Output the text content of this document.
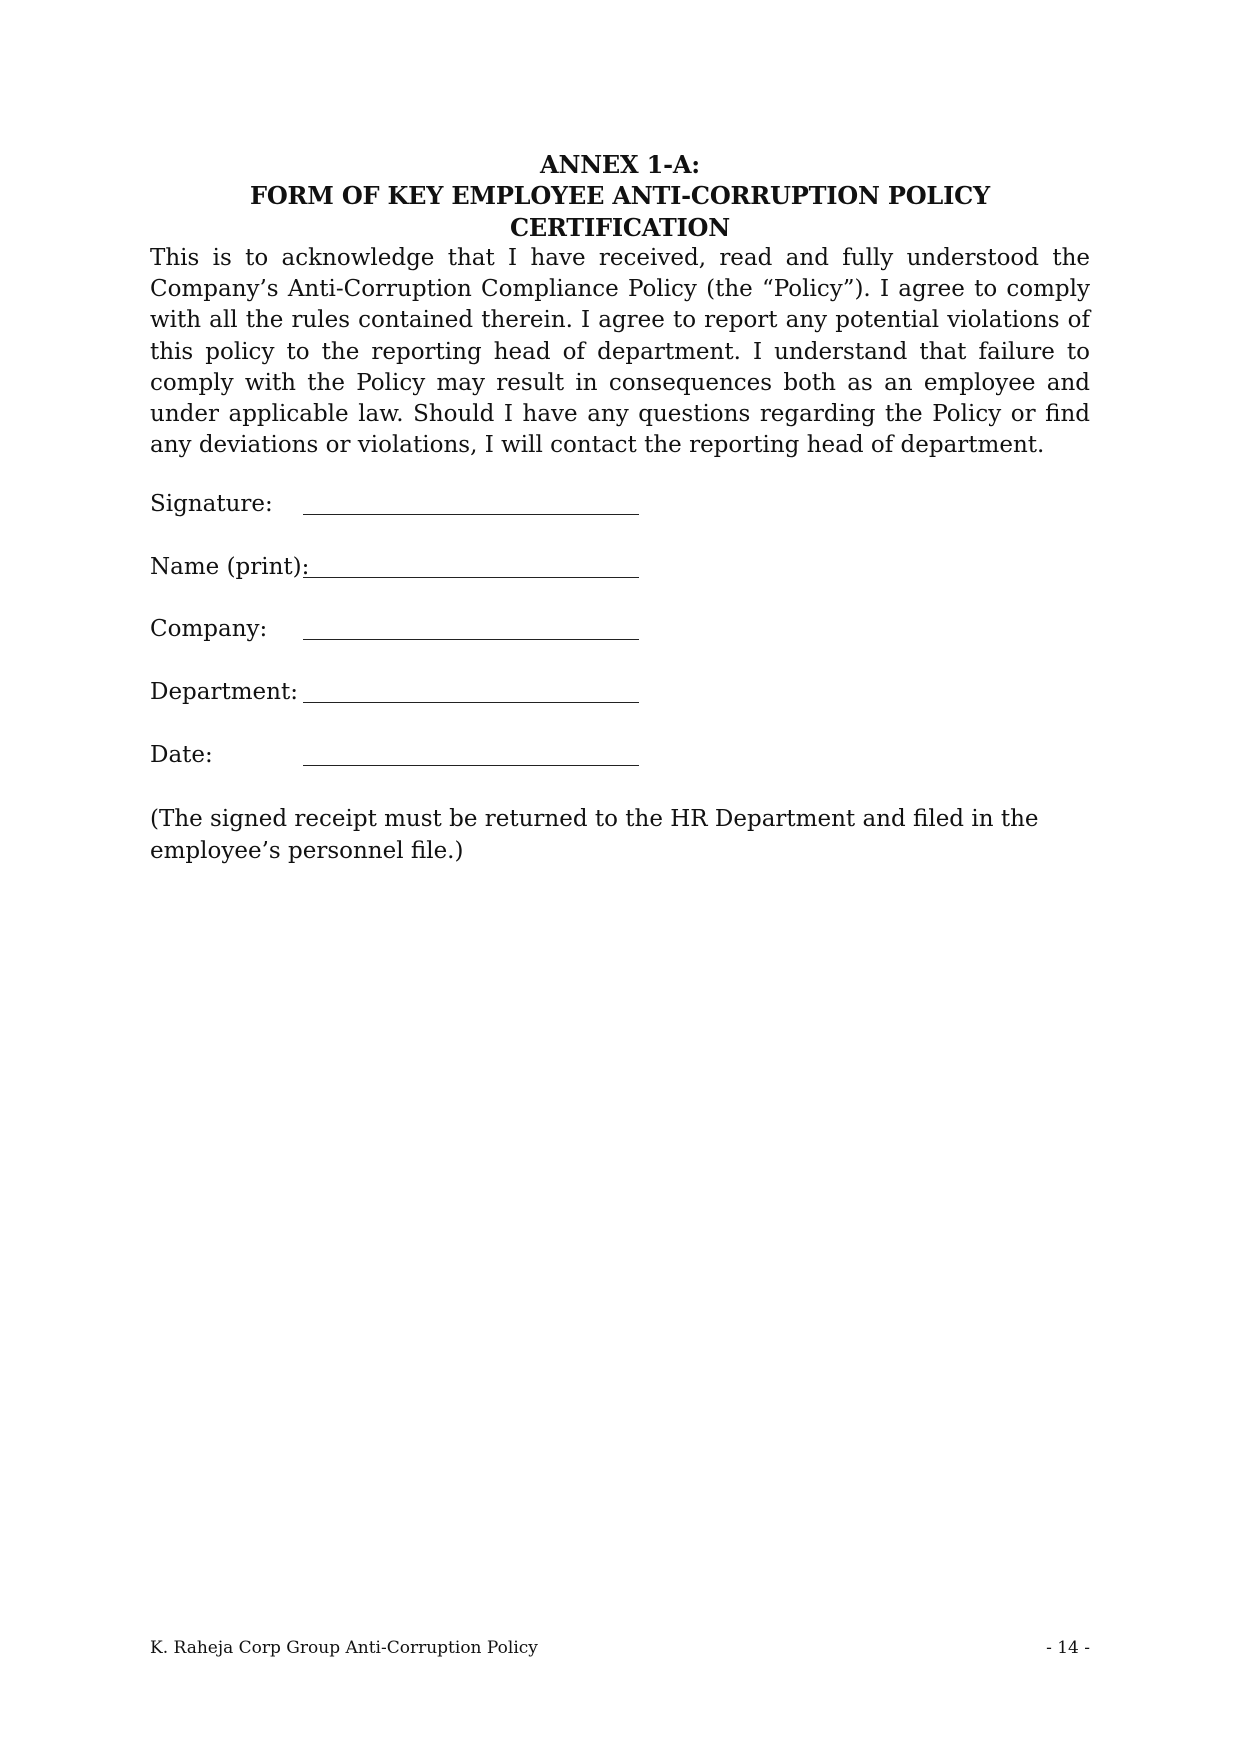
ANNEX 1-A:
FORM OF KEY EMPLOYEE ANTI-CORRUPTION POLICY CERTIFICATION
This is to acknowledge that I have received, read and fully understood the Company’s Anti-Corruption Compliance Policy (the “Policy”). I agree to comply with all the rules contained therein. I agree to report any potential violations of this policy to the reporting head of department. I understand that failure to comply with the Policy may result in consequences both as an employee and under applicable law. Should I have any questions regarding the Policy or find any deviations or violations, I will contact the reporting head of department.
Signature:
Name (print):
Company:
Department:
Date:
(The signed receipt must be returned to the HR Department and filed in the
employee’s personnel file.)
K. Raheja Corp Group Anti-Corruption Policy	- 14 -
